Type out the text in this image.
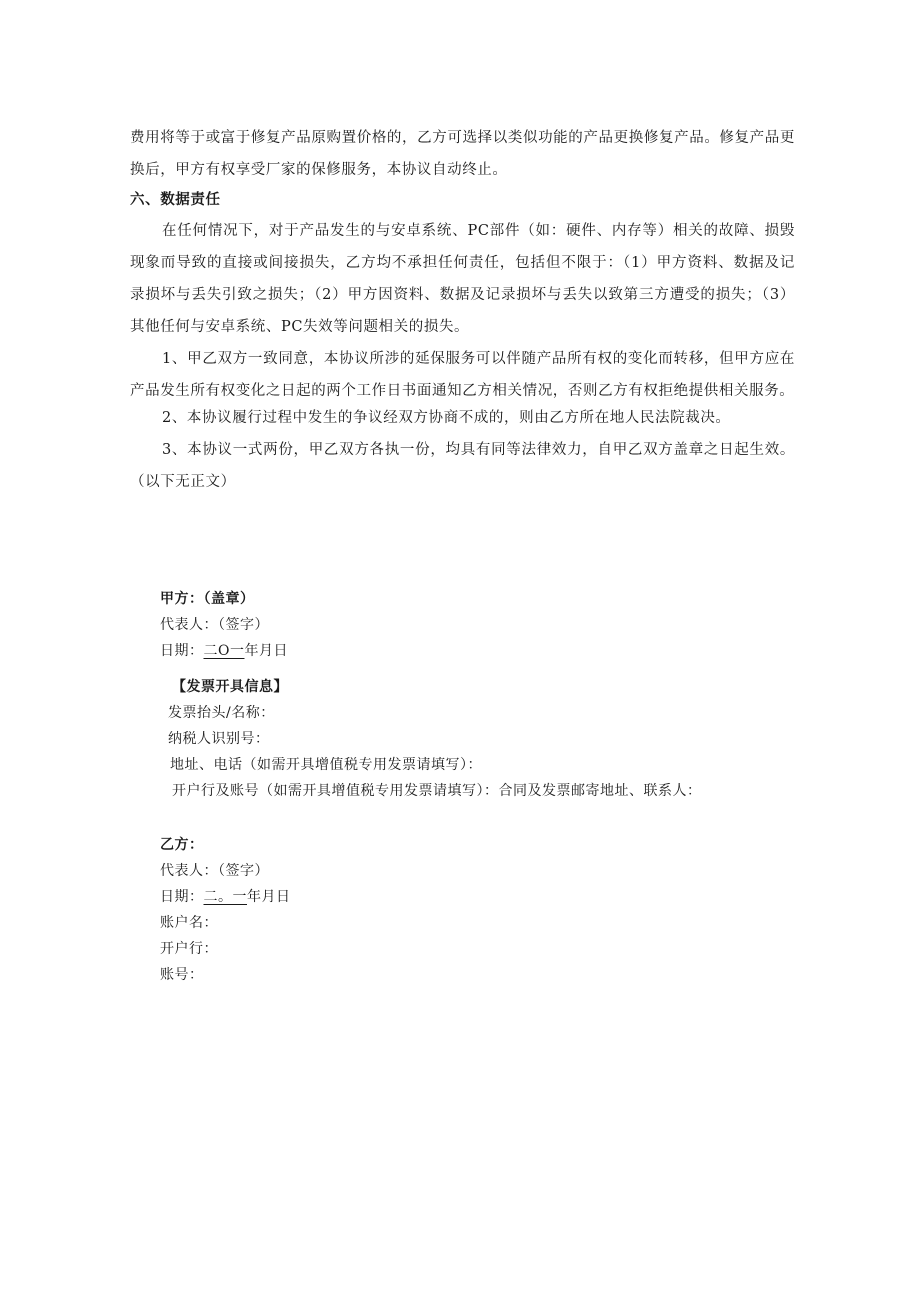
费用将等于或富于修复产品原购置价格的，乙方可选择以类似功能的产品更换修复产品。修复产品更换后，甲方有权享受厂家的保修服务，本协议自动终止。

六、数据责任

在任何情况下，对于产品发生的与安卓系统、PC部件（如：硬件、内存等）相关的故障、损毁现象而导致的直接或间接损失，乙方均不承担任何责任，包括但不限于：（1）甲方资料、数据及记录损坏与丢失引致之损失；（2）甲方因资料、数据及记录损坏与丢失以致第三方遭受的损失；（3）其他任何与安卓系统、PC失效等问题相关的损失。

1、甲乙双方一致同意，本协议所涉的延保服务可以伴随产品所有权的变化而转移，但甲方应在产品发生所有权变化之日起的两个工作日书面通知乙方相关情况，否则乙方有权拒绝提供相关服务。

2、本协议履行过程中发生的争议经双方协商不成的，则由乙方所在地人民法院裁决。

3、本协议一式两份，甲乙双方各执一份，均具有同等法律效力，自甲乙双方盖章之日起生效。（以下无正文）

甲方：（盖章）

代表人：（签字）

日期：二O一年月日

【发票开具信息】

发票抬头/名称：

纳税人识别号：

地址、电话（如需开具增值税专用发票请填写）：

开户行及账号（如需开具增值税专用发票请填写）：合同及发票邮寄地址、联系人：

乙方：

代表人：（签字）

日期：二。一年月日

账户名：

开户行：

账号：
